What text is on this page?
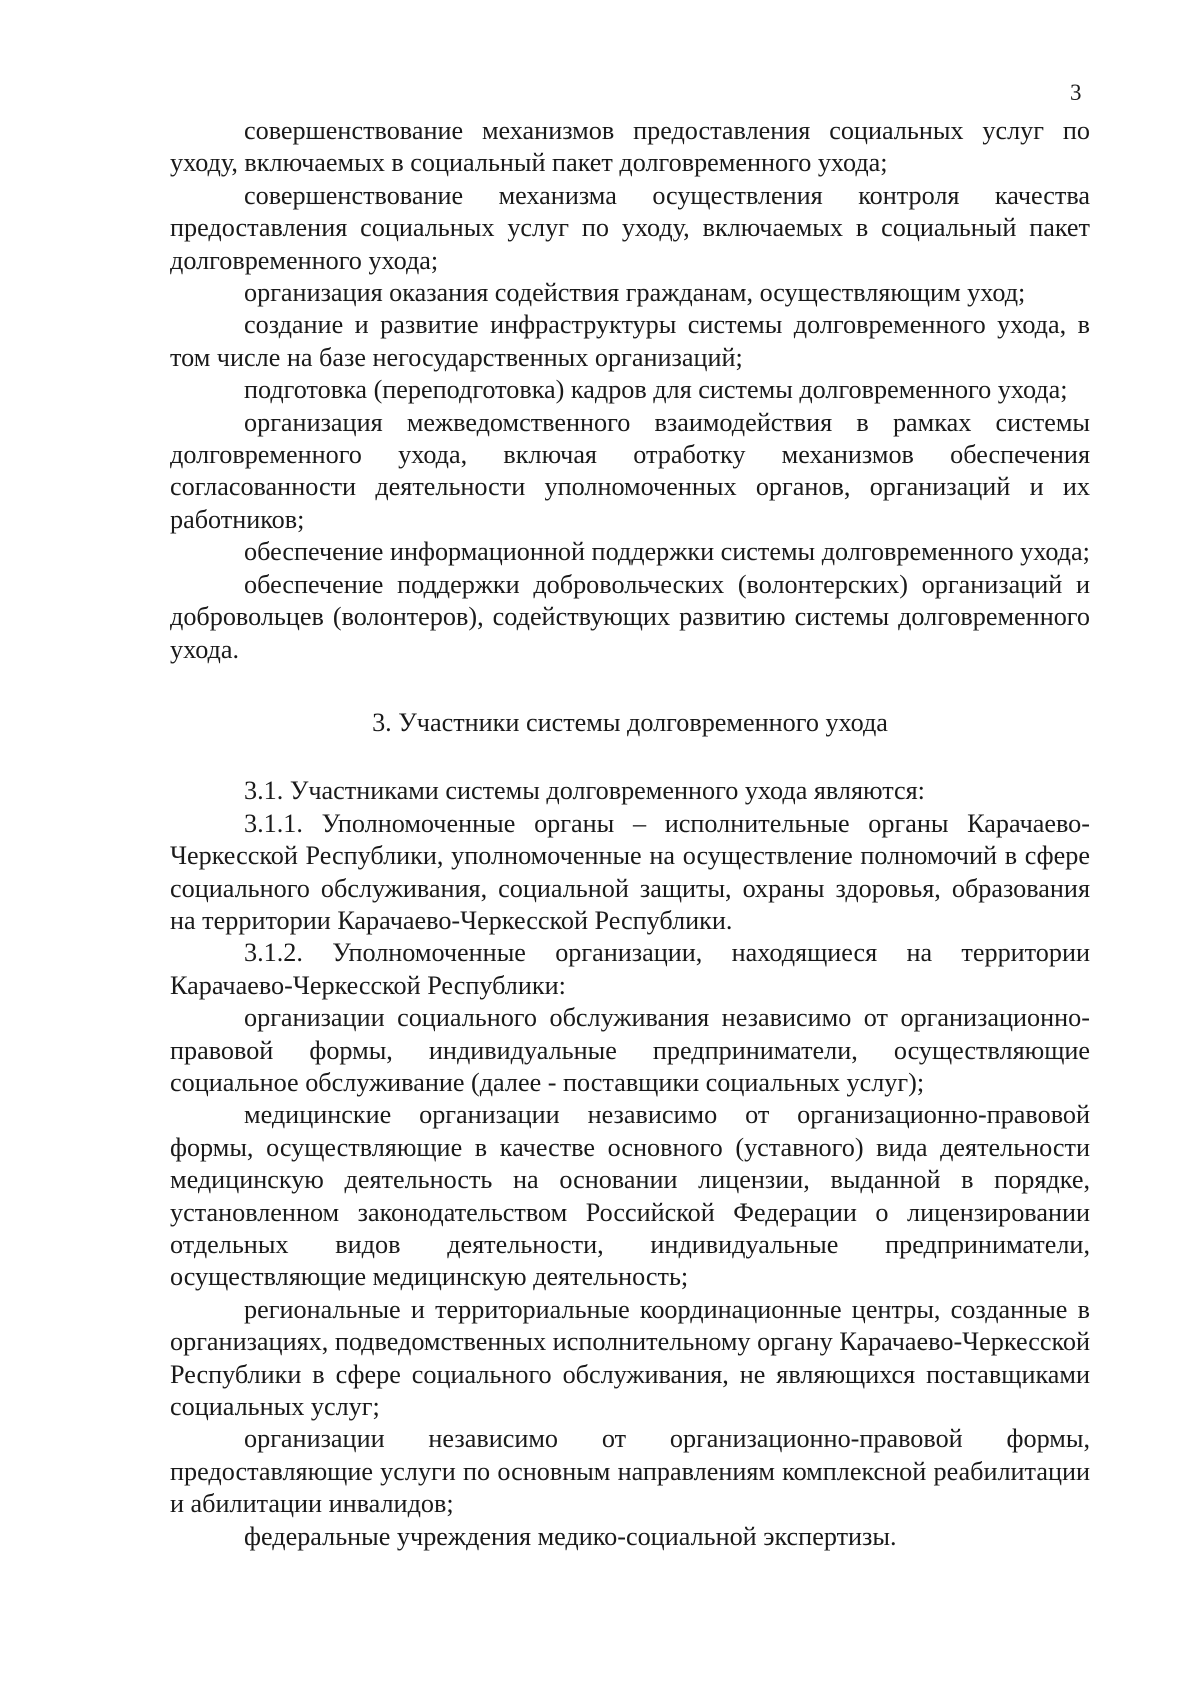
3

совершенствование механизмов предоставления социальных услуг по уходу, включаемых в социальный пакет долговременного ухода;

совершенствование механизма осуществления контроля качества предоставления социальных услуг по уходу, включаемых в социальный пакет долговременного ухода;

организация оказания содействия гражданам, осуществляющим уход;

создание и развитие инфраструктуры системы долговременного ухода, в том числе на базе негосударственных организаций;

подготовка (переподготовка) кадров для системы долговременного ухода;

организация межведомственного взаимодействия в рамках системы долговременного ухода, включая отработку механизмов обеспечения согласованности деятельности уполномоченных органов, организаций и их работников;

обеспечение информационной поддержки системы долговременного ухода;

обеспечение поддержки добровольческих (волонтерских) организаций и добровольцев (волонтеров), содействующих развитию системы долговременного ухода.

3. Участники системы долговременного ухода

3.1. Участниками системы долговременного ухода являются:

3.1.1. Уполномоченные органы – исполнительные органы Карачаево-Черкесской Республики, уполномоченные на осуществление полномочий в сфере социального обслуживания, социальной защиты, охраны здоровья, образования на территории Карачаево-Черкесской Республики.

3.1.2. Уполномоченные организации, находящиеся на территории Карачаево-Черкесской Республики:

организации социального обслуживания независимо от организационно-правовой формы, индивидуальные предприниматели, осуществляющие социальное обслуживание (далее - поставщики социальных услуг);

медицинские организации независимо от организационно-правовой формы, осуществляющие в качестве основного (уставного) вида деятельности медицинскую деятельность на основании лицензии, выданной в порядке, установленном законодательством Российской Федерации о лицензировании отдельных видов деятельности, индивидуальные предприниматели, осуществляющие медицинскую деятельность;

региональные и территориальные координационные центры, созданные в организациях, подведомственных исполнительному органу Карачаево-Черкесской Республики в сфере социального обслуживания, не являющихся поставщиками социальных услуг;

организации независимо от организационно-правовой формы, предоставляющие услуги по основным направлениям комплексной реабилитации и абилитации инвалидов;

федеральные учреждения медико-социальной экспертизы.
